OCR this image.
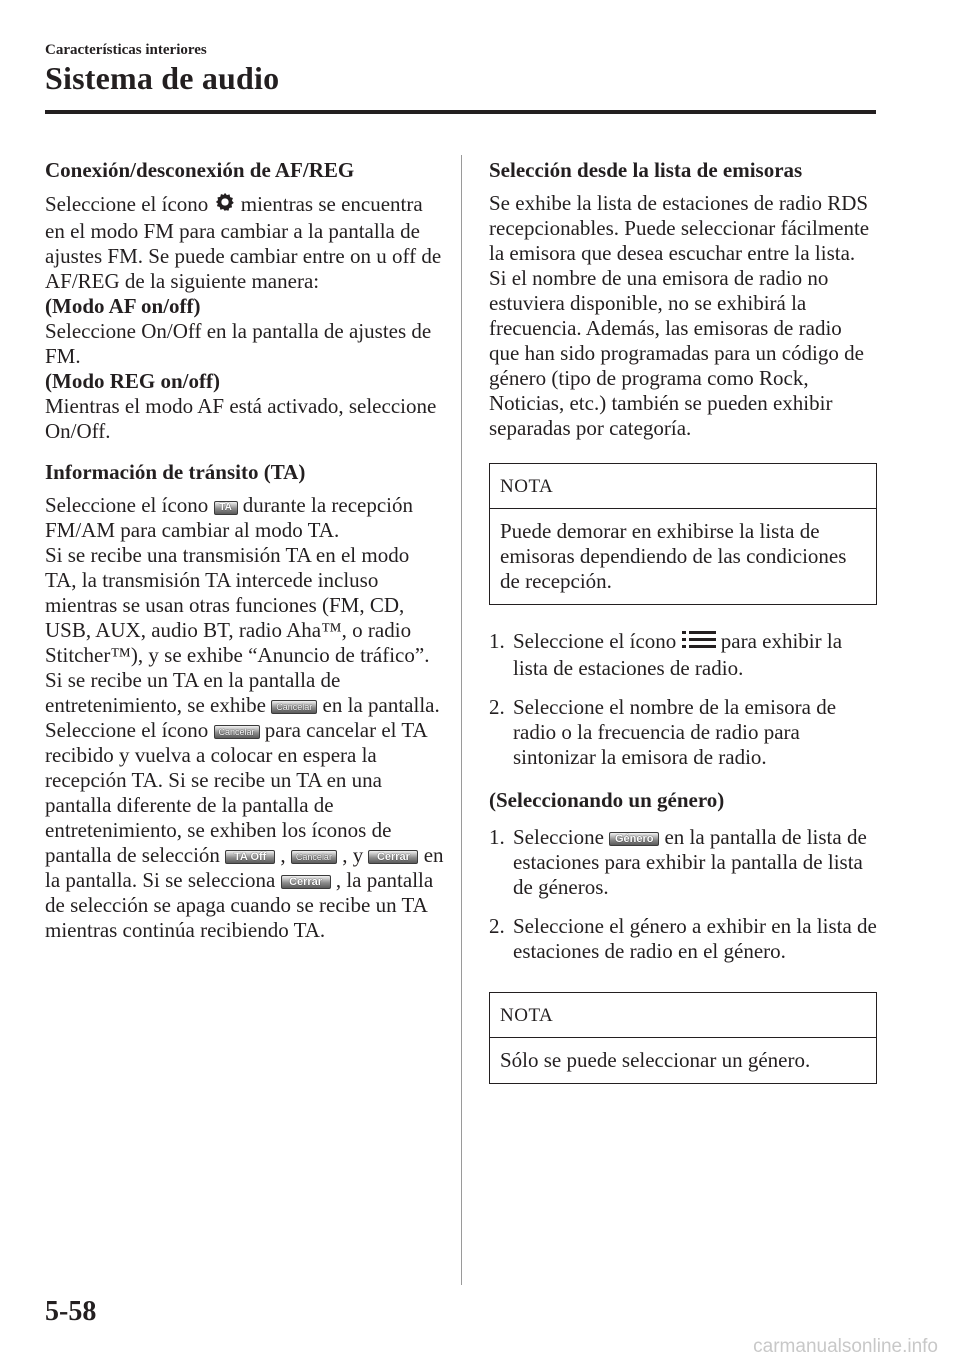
Características interiores
Sistema de audio
Conexión/desconexión de AF/REG
Seleccione el ícono mientras se encuentra en el modo FM para cambiar a la pantalla de ajustes FM. Se puede cambiar entre on u off de AF/REG de la siguiente manera:
(Modo AF on/off)
Seleccione On/Off en la pantalla de ajustes de FM.
(Modo REG on/off)
Mientras el modo AF está activado, seleccione On/Off.
Información de tránsito (TA)
Seleccione el ícono TA durante la recepción FM/AM para cambiar al modo TA.
Si se recibe una transmisión TA en el modo TA, la transmisión TA intercede incluso mientras se usan otras funciones (FM, CD, USB, AUX, audio BT, radio Aha™, o radio Stitcher™), y se exhibe “Anuncio de tráfico”.
Si se recibe un TA en la pantalla de entretenimiento, se exhibe Cancelar en la pantalla. Seleccione el ícono Cancelar para cancelar el TA recibido y vuelva a colocar en espera la recepción TA. Si se recibe un TA en una pantalla diferente de la pantalla de entretenimiento, se exhiben los íconos de pantalla de selección TA Off , Cancelar , y Cerrar en la pantalla. Si se selecciona Cerrar , la pantalla de selección se apaga cuando se recibe un TA mientras continúa recibiendo TA.
Selección desde la lista de emisoras
Se exhibe la lista de estaciones de radio RDS recepcionables. Puede seleccionar fácilmente la emisora que desea escuchar entre la lista. Si el nombre de una emisora de radio no estuviera disponible, no se exhibirá la frecuencia. Además, las emisoras de radio que han sido programadas para un código de género (tipo de programa como Rock, Noticias, etc.) también se pueden exhibir separadas por categoría.
NOTA
Puede demorar en exhibirse la lista de emisoras dependiendo de las condiciones de recepción.
1. Seleccione el ícono para exhibir la lista de estaciones de radio.
2. Seleccione el nombre de la emisora de radio o la frecuencia de radio para sintonizar la emisora de radio.
(Seleccionando un género)
1. Seleccione Género en la pantalla de lista de estaciones para exhibir la pantalla de lista de géneros.
2. Seleccione el género a exhibir en la lista de estaciones de radio en el género.
NOTA
Sólo se puede seleccionar un género.
5-58
carmanualsonline.info
